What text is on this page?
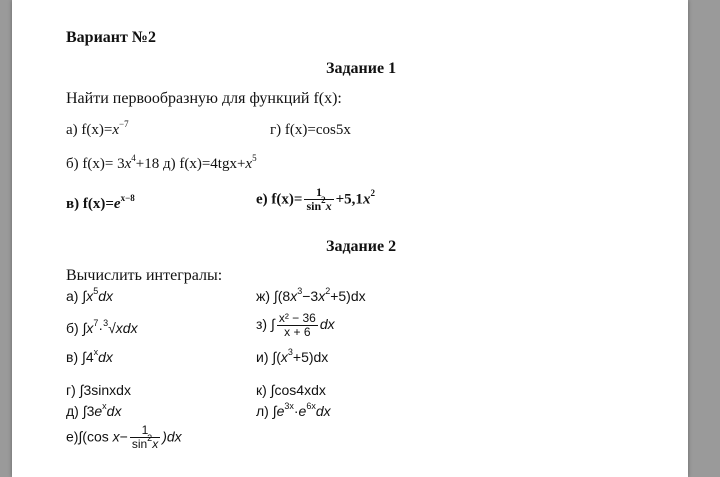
Вариант №2
Задание 1
Найти первообразную для функций f(x):
а) $f(x)=x^{-7}$	г) f(x)=cos5x
б) $f(x)= 3x^4+18$ д) $f(x)=4tgx+x^5$
в) $f(x)=e^{x-8}$	е) $f(x)= \frac{1}{\sin^2x} +5,1x^2$
Задание 2
Вычислить интегралы:
а) $\int x^5dx$	ж) $\int(8x^3-3x^2+5)dx$
б) $\int x^7\cdot^3√xdx$	з) ∫ $\frac{\text{x² − 36}}{x + 6}$ dx
в) ∫4$^x$dx	и) $\int(x^3+5)dx$
г) ∫3sinxdx	к) ∫cos4xdx
д) $\int 3e^xdx$	л) $\int e^{3x}\cdot e^{6x}dx$
е)∫(cos $x- \frac{1}{\sin^2x} )dx$
